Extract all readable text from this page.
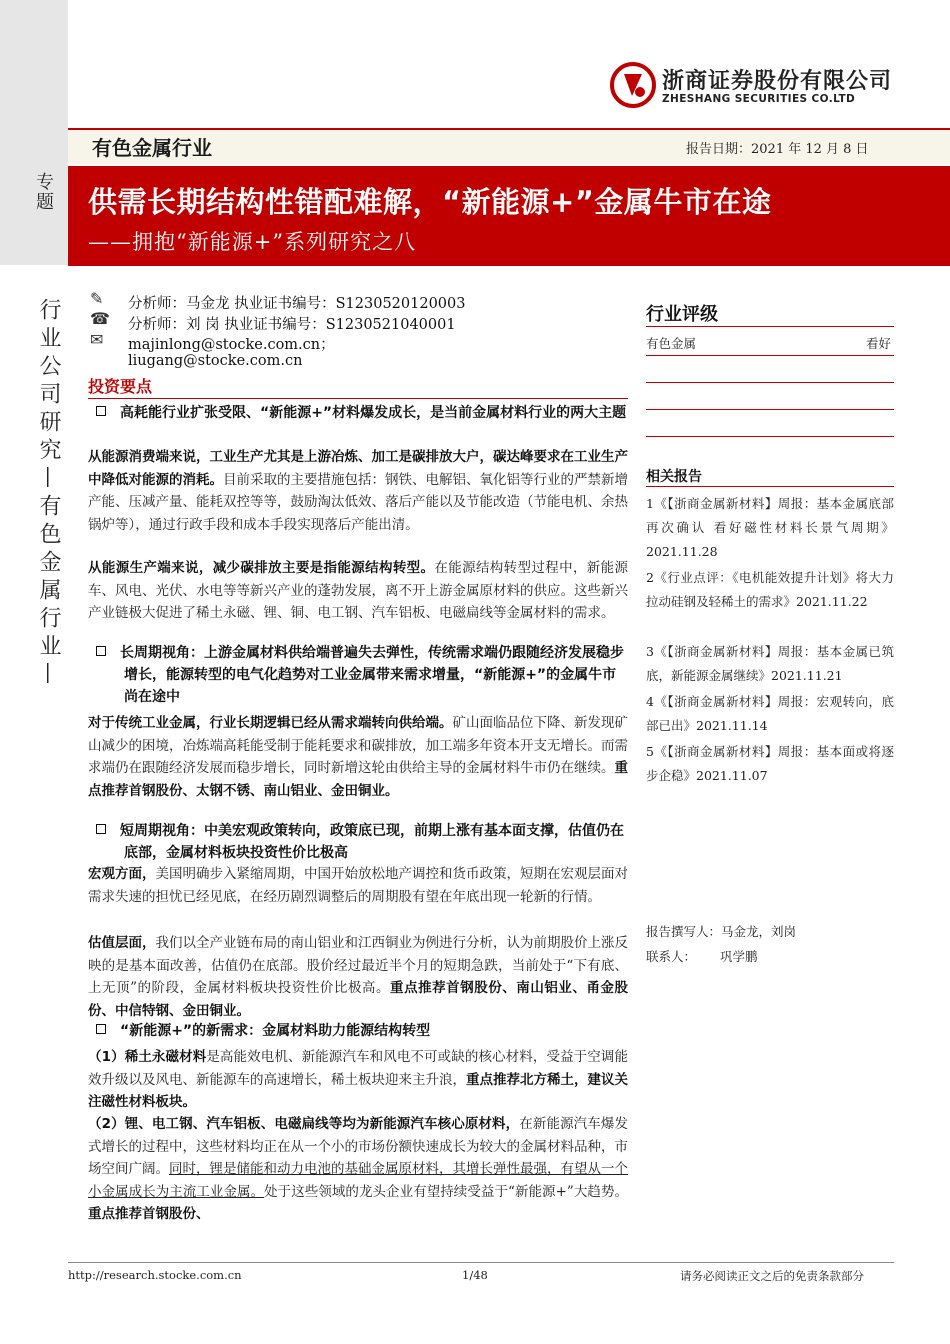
专题
行业公司研究—有色金属行业—
浙商证券股份有限公司
ZHESHANG SECURITIES CO.LTD
有色金属行业	报告日期：2021 年 12 月 8 日
供需长期结构性错配难解，“新能源+”金属牛市在途
——拥抱“新能源+”系列研究之八
✎
☎
✉
分析师：马金龙 执业证书编号：S1230520120003
分析师：刘 岗 执业证书编号：S1230521040001
majinlong@stocke.com.cn；
liugang@stocke.com.cn
投资要点
高耗能行业扩张受限、“新能源+”材料爆发成长，是当前金属材料行业的两大主题
从能源消费端来说，工业生产尤其是上游冶炼、加工是碳排放大户，碳达峰要求在工业生产中降低对能源的消耗。目前采取的主要措施包括：钢铁、电解铝、氧化铝等行业的严禁新增产能、压减产量、能耗双控等等，鼓励淘汰低效、落后产能以及节能改造（节能电机、余热锅炉等），通过行政手段和成本手段实现落后产能出清。
从能源生产端来说，减少碳排放主要是指能源结构转型。在能源结构转型过程中，新能源车、风电、光伏、水电等等新兴产业的蓬勃发展，离不开上游金属原材料的供应。这些新兴产业链极大促进了稀土永磁、锂、铜、电工钢、汽车铝板、电磁扁线等金属材料的需求。
长周期视角：上游金属材料供给端普遍失去弹性，传统需求端仍跟随经济发展稳步增长，能源转型的电气化趋势对工业金属带来需求增量，“新能源+”的金属牛市尚在途中
对于传统工业金属，行业长期逻辑已经从需求端转向供给端。矿山面临品位下降、新发现矿山减少的困境，冶炼端高耗能受制于能耗要求和碳排放，加工端多年资本开支无增长。而需求端仍在跟随经济发展而稳步增长，同时新增这轮由供给主导的金属材料牛市仍在继续。重点推荐首钢股份、太钢不锈、南山铝业、金田铜业。
短周期视角：中美宏观政策转向，政策底已现，前期上涨有基本面支撑，估值仍在底部，金属材料板块投资性价比极高
宏观方面，美国明确步入紧缩周期，中国开始放松地产调控和货币政策，短期在宏观层面对需求失速的担忧已经见底，在经历剧烈调整后的周期股有望在年底出现一轮新的行情。
估值层面，我们以全产业链布局的南山铝业和江西铜业为例进行分析，认为前期股价上涨反映的是基本面改善，估值仍在底部。股价经过最近半个月的短期急跌，当前处于“下有底、上无顶”的阶段，金属材料板块投资性价比极高。重点推荐首钢股份、南山铝业、甬金股份、中信特钢、金田铜业。
“新能源+”的新需求：金属材料助力能源结构转型
（1）稀土永磁材料是高能效电机、新能源汽车和风电不可或缺的核心材料，受益于空调能效升级以及风电、新能源车的高速增长，稀土板块迎来主升浪，重点推荐北方稀土，建议关注磁性材料板块。
（2）锂、电工钢、汽车铝板、电磁扁线等均为新能源汽车核心原材料，在新能源汽车爆发式增长的过程中，这些材料均正在从一个小的市场份额快速成长为较大的金属材料品种，市场空间广阔。同时，锂是储能和动力电池的基础金属原材料，其增长弹性最强，有望从一个小金属成长为主流工业金属。处于这些领域的龙头企业有望持续受益于“新能源+”大趋势。重点推荐首钢股份、
行业评级
有色金属	看好
相关报告
1《【浙商金属新材料】周报：基本金属底部再次确认 看好磁性材料长景气周期》2021.11.28
2《行业点评：《电机能效提升计划》将大力拉动硅钢及轻稀土的需求》2021.11.22
3《【浙商金属新材料】周报：基本金属已筑底，新能源金属继续》2021.11.21
4《【浙商金属新材料】周报：宏观转向，底部已出》2021.11.14
5《【浙商金属新材料】周报：基本面或将逐步企稳》2021.11.07
报告撰写人：马金龙，刘岗
联系人： 巩学鹏
http://research.stocke.com.cn	1/48	请务必阅读正文之后的免责条款部分
